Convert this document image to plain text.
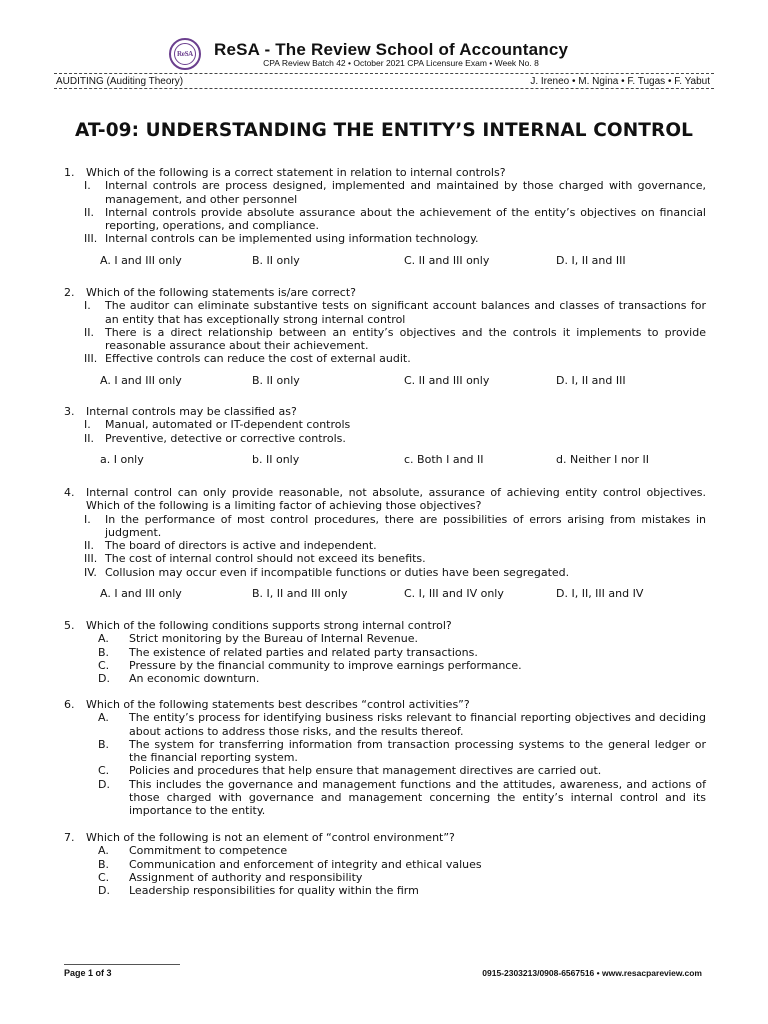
ReSA ReSA - The Review School of Accountancy
CPA Review Batch 42 • October 2021 CPA Licensure Exam • Week No. 8
AUDITING (Auditing Theory)	J. Ireneo • M. Ngina • F. Tugas • F. Yabut
AT-09: UNDERSTANDING THE ENTITY’S INTERNAL CONTROL
1.	Which of the following is a correct statement in relation to internal controls?
I.	Internal controls are process designed, implemented and maintained by those charged with governance, management, and other personnel
II.	Internal controls provide absolute assurance about the achievement of the entity’s objectives on financial reporting, operations, and compliance.
III. Internal controls can be implemented using information technology.
A. I and III only	B. II only	C. II and III only	D. I, II and III
2.	Which of the following statements is/are correct?
I.	The auditor can eliminate substantive tests on significant account balances and classes of transactions for an entity that has exceptionally strong internal control
II.	There is a direct relationship between an entity’s objectives and the controls it implements to provide reasonable assurance about their achievement.
III. Effective controls can reduce the cost of external audit.
A. I and III only	B. II only	C. II and III only	D. I, II and III
3.	Internal controls may be classified as?
I.	Manual, automated or IT-dependent controls
II.	Preventive, detective or corrective controls.
a. I only	b. II only	c. Both I and II	d. Neither I nor II
4.	Internal control can only provide reasonable, not absolute, assurance of achieving entity control objectives. Which of the following is a limiting factor of achieving those objectives?
I.	In the performance of most control procedures, there are possibilities of errors arising from mistakes in judgment.
II.	The board of directors is active and independent.
III. The cost of internal control should not exceed its benefits.
IV. Collusion may occur even if incompatible functions or duties have been segregated.
A. I and III only	B. I, II and III only	C. I, III and IV only	D. I, II, III and IV
5.	Which of the following conditions supports strong internal control?
A.	Strict monitoring by the Bureau of Internal Revenue.
B.	The existence of related parties and related party transactions.
C.	Pressure by the financial community to improve earnings performance.
D.	An economic downturn.
6.	Which of the following statements best describes “control activities”?
A.	The entity’s process for identifying business risks relevant to financial reporting objectives and deciding about actions to address those risks, and the results thereof.
B.	The system for transferring information from transaction processing systems to the general ledger or the financial reporting system.
C.	Policies and procedures that help ensure that management directives are carried out.
D.	This includes the governance and management functions and the attitudes, awareness, and actions of those charged with governance and management concerning the entity’s internal control and its importance to the entity.
7.	Which of the following is not an element of “control environment”?
A.	Commitment to competence
B.	Communication and enforcement of integrity and ethical values
C.	Assignment of authority and responsibility
D.	Leadership responsibilities for quality within the firm
Page 1 of 3	0915-2303213/0908-6567516 • www.resacpareview.com
